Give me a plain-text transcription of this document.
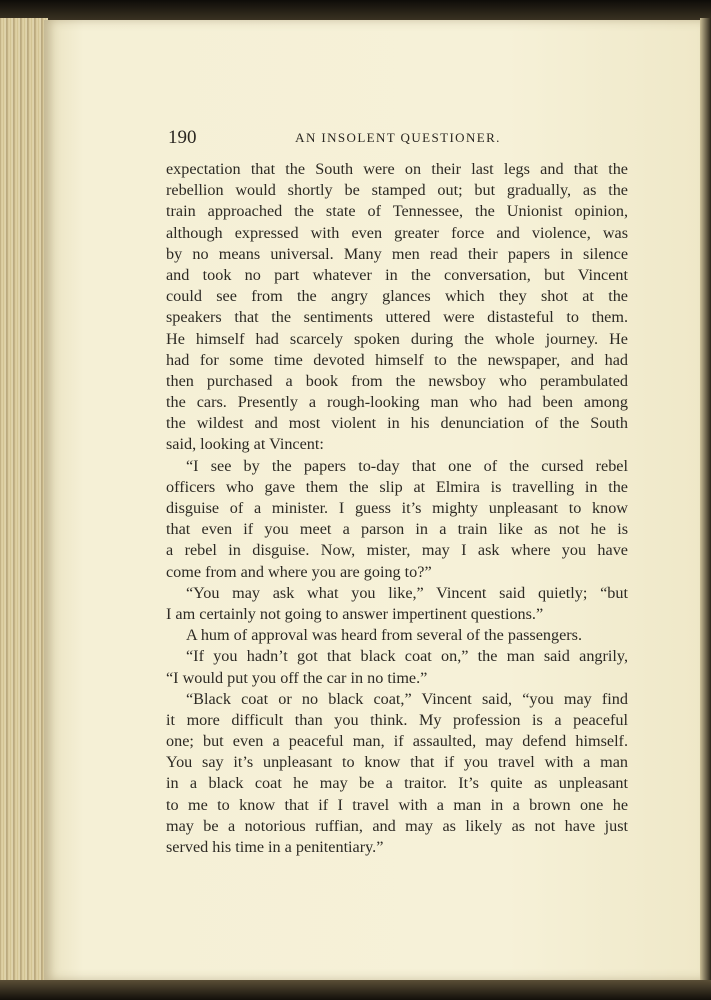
190	AN INSOLENT QUESTIONER.
expectation that the South were on their last legs and that the
rebellion would shortly be stamped out; but gradually, as the
train approached the state of Tennessee, the Unionist opinion,
although expressed with even greater force and violence, was
by no means universal. Many men read their papers in silence
and took no part whatever in the conversation, but Vincent
could see from the angry glances which they shot at the
speakers that the sentiments uttered were distasteful to them.
He himself had scarcely spoken during the whole journey. He
had for some time devoted himself to the newspaper, and had
then purchased a book from the newsboy who perambulated
the cars. Presently a rough-looking man who had been among
the wildest and most violent in his denunciation of the South
said, looking at Vincent:
“I see by the papers to-day that one of the cursed rebel
officers who gave them the slip at Elmira is travelling in the
disguise of a minister. I guess it’s mighty unpleasant to know
that even if you meet a parson in a train like as not he is
a rebel in disguise. Now, mister, may I ask where you have
come from and where you are going to?”
“You may ask what you like,” Vincent said quietly; “but
I am certainly not going to answer impertinent questions.”
A hum of approval was heard from several of the passengers.
“If you hadn’t got that black coat on,” the man said angrily,
“I would put you off the car in no time.”
“Black coat or no black coat,” Vincent said, “you may find
it more difficult than you think. My profession is a peaceful
one; but even a peaceful man, if assaulted, may defend himself.
You say it’s unpleasant to know that if you travel with a man
in a black coat he may be a traitor. It’s quite as unpleasant
to me to know that if I travel with a man in a brown one he
may be a notorious ruffian, and may as likely as not have just
served his time in a penitentiary.”
